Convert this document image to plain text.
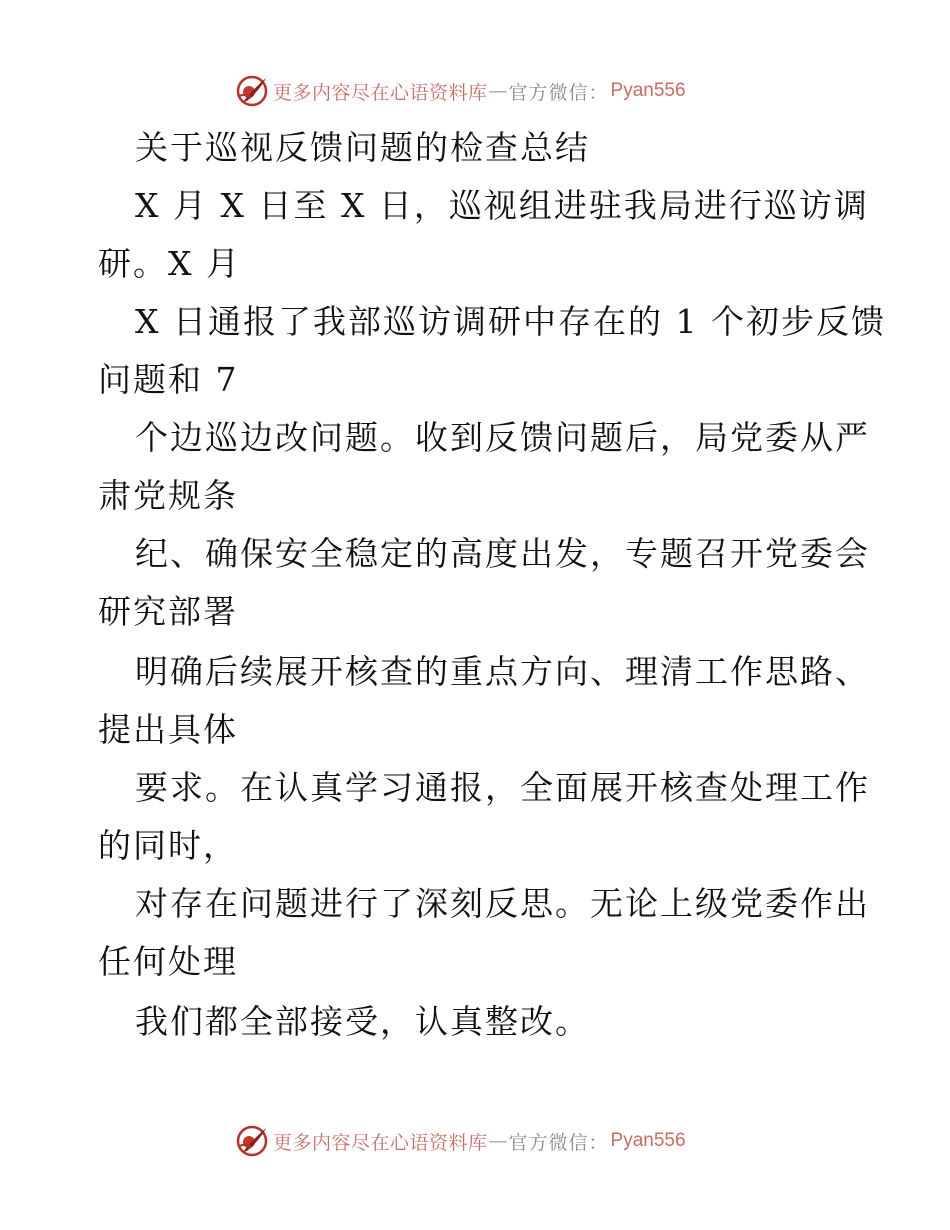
更多内容尽在心语资料库 — 官方微信： Pyan556
关于巡视反馈问题的检查总结
X 月 X 日至 X 日，巡视组进驻我局进行巡访调
研。X 月
X 日通报了我部巡访调研中存在的 1 个初步反馈
问题和 7
个边巡边改问题。收到反馈问题后，局党委从严
肃党规条
纪、确保安全稳定的高度出发，专题召开党委会
研究部署
明确后续展开核查的重点方向、理清工作思路、
提出具体
要求。在认真学习通报，全面展开核查处理工作
的同时，
对存在问题进行了深刻反思。无论上级党委作出
任何处理
我们都全部接受，认真整改。
更多内容尽在心语资料库 — 官方微信： Pyan556
